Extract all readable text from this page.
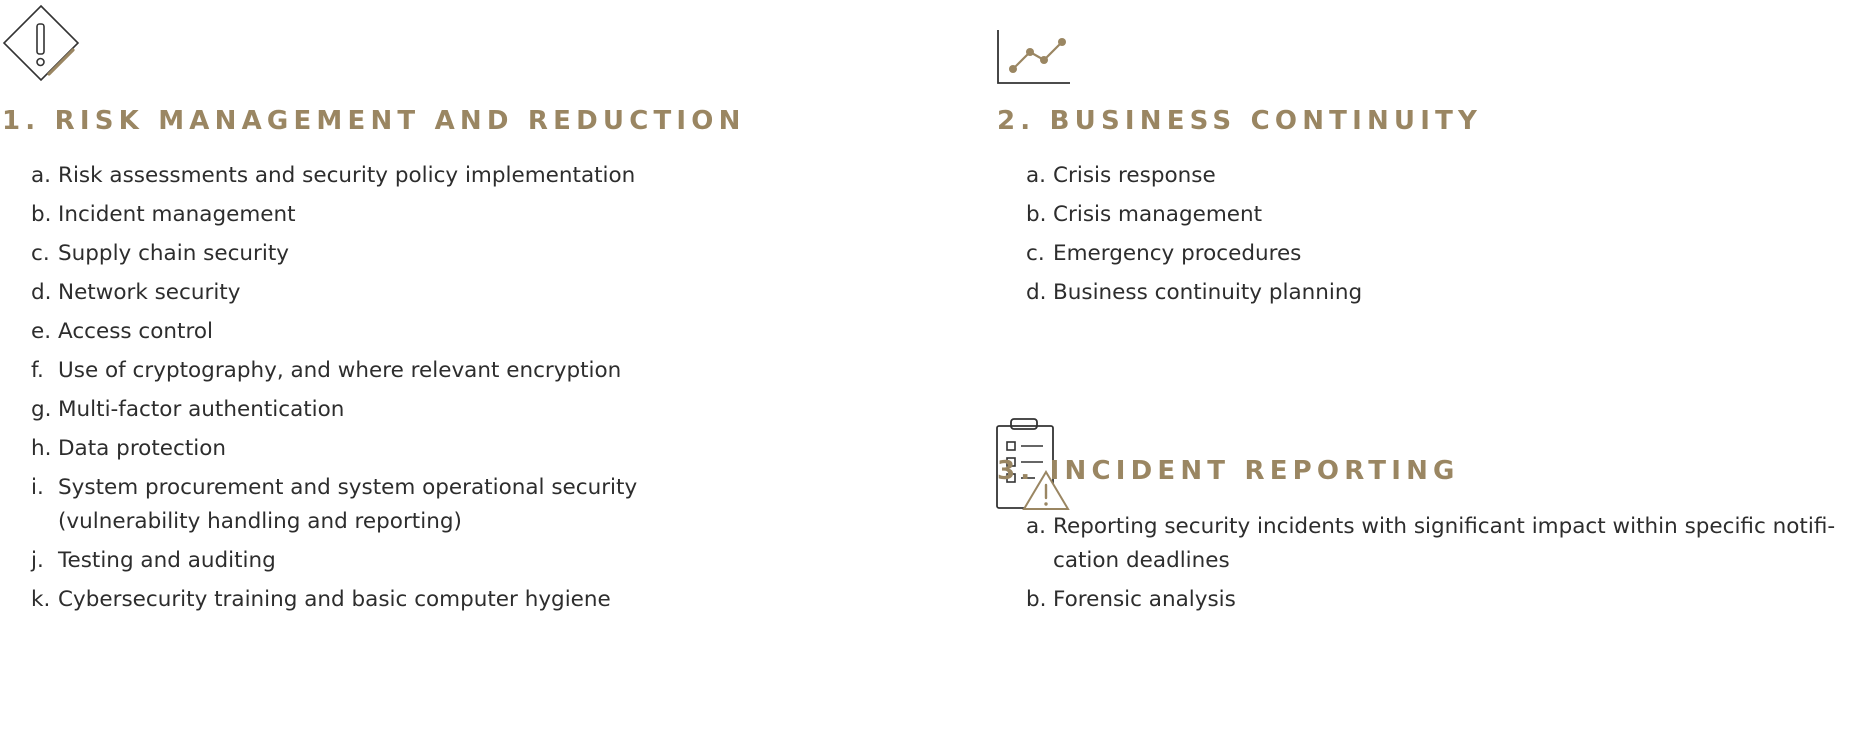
1. RISK MANAGEMENT AND REDUCTION
a. Risk assessments and security policy implementation
b. Incident management
c. Supply chain security
d. Network security
e. Access control
f. Use of cryptography, and where relevant encryption
g. Multi-factor authentication
h. Data protection
i. System procurement and system operational security
(vulnerability handling and reporting)
j. Testing and auditing
k. Cybersecurity training and basic computer hygiene
2. BUSINESS CONTINUITY
a. Crisis response
b. Crisis management
c. Emergency procedures
d. Business continuity planning
3. INCIDENT REPORTING
a. Reporting security incidents with significant impact within specific notifi-
cation deadlines
b. Forensic analysis
